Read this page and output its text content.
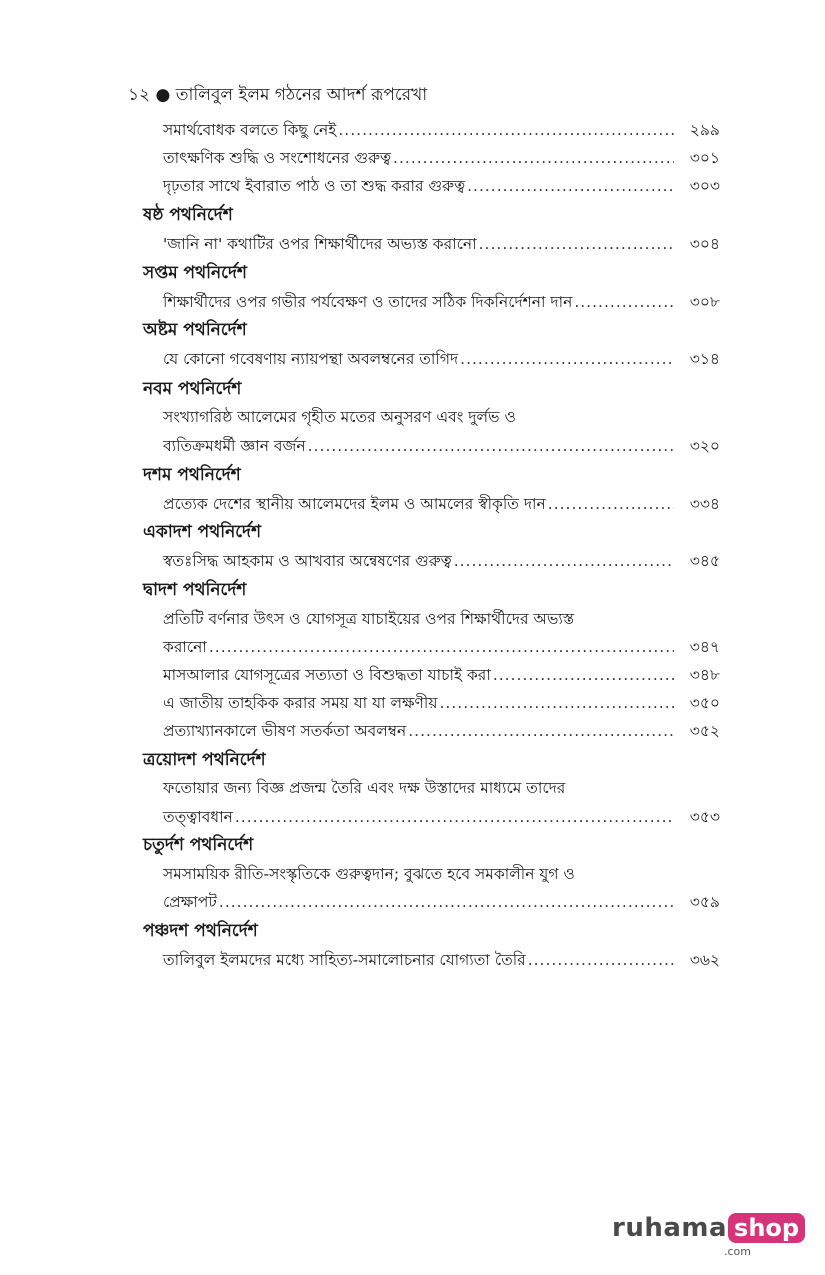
১২ ● তালিবুল ইলম গঠনের আদর্শ রূপরেখা
সমার্থবোধক বলতে কিছু নেই .....	২৯৯
তাৎক্ষণিক শুদ্ধি ও সংশোধনের গুরুত্ব .....	৩০১
দৃঢ়তার সাথে ইবারাত পাঠ ও তা শুদ্ধ করার গুরুত্ব .....	৩০৩
ষষ্ঠ পথনির্দেশ
'জানি না' কথাটির ওপর শিক্ষার্থীদের অভ্যস্ত করানো .....	৩০৪
সপ্তম পথনির্দেশ
শিক্ষার্থীদের ওপর গভীর পর্যবেক্ষণ ও তাদের সঠিক দিকনির্দেশনা দান .....	৩০৮
অষ্টম পথনির্দেশ
যে কোনো গবেষণায় ন্যায়পন্থা অবলম্বনের তাগিদ .....	৩১৪
নবম পথনির্দেশ
সংখ্যাগরিষ্ঠ আলেমের গৃহীত মতের অনুসরণ এবং দুর্লভ ও
ব্যতিক্রমধর্মী জ্ঞান বর্জন .....	৩২০
দশম পথনির্দেশ
প্রত্যেক দেশের স্থানীয় আলেমদের ইলম ও আমলের স্বীকৃতি দান .....	৩৩৪
একাদশ পথনির্দেশ
স্বতঃসিদ্ধ আহকাম ও আখবার অন্বেষণের গুরুত্ব .....	৩৪৫
দ্বাদশ পথনির্দেশ
প্রতিটি বর্ণনার উৎস ও যোগসূত্র যাচাইয়ের ওপর শিক্ষার্থীদের অভ্যস্ত
করানো .....	৩৪৭
মাসআলার যোগসূত্রের সত্যতা ও বিশুদ্ধতা যাচাই করা .....	৩৪৮
এ জাতীয় তাহকিক করার সময় যা যা লক্ষণীয় .....	৩৫০
প্রত্যাখ্যানকালে ভীষণ সতর্কতা অবলম্বন .....	৩৫২
ত্রয়োদশ পথনির্দেশ
ফতোয়ার জন্য বিজ্ঞ প্রজন্ম তৈরি এবং দক্ষ উস্তাদের মাধ্যমে তাদের
তত্ত্বাবধান .....	৩৫৩
চতুর্দশ পথনির্দেশ
সমসাময়িক রীতি-সংস্কৃতিকে গুরুত্বদান; বুঝতে হবে সমকালীন যুগ ও
প্রেক্ষাপট .....	৩৫৯
পঞ্চদশ পথনির্দেশ
তালিবুল ইলমদের মধ্যে সাহিত্য-সমালোচনার যোগ্যতা তৈরি .....	৩৬২
ruhama shop
.com
